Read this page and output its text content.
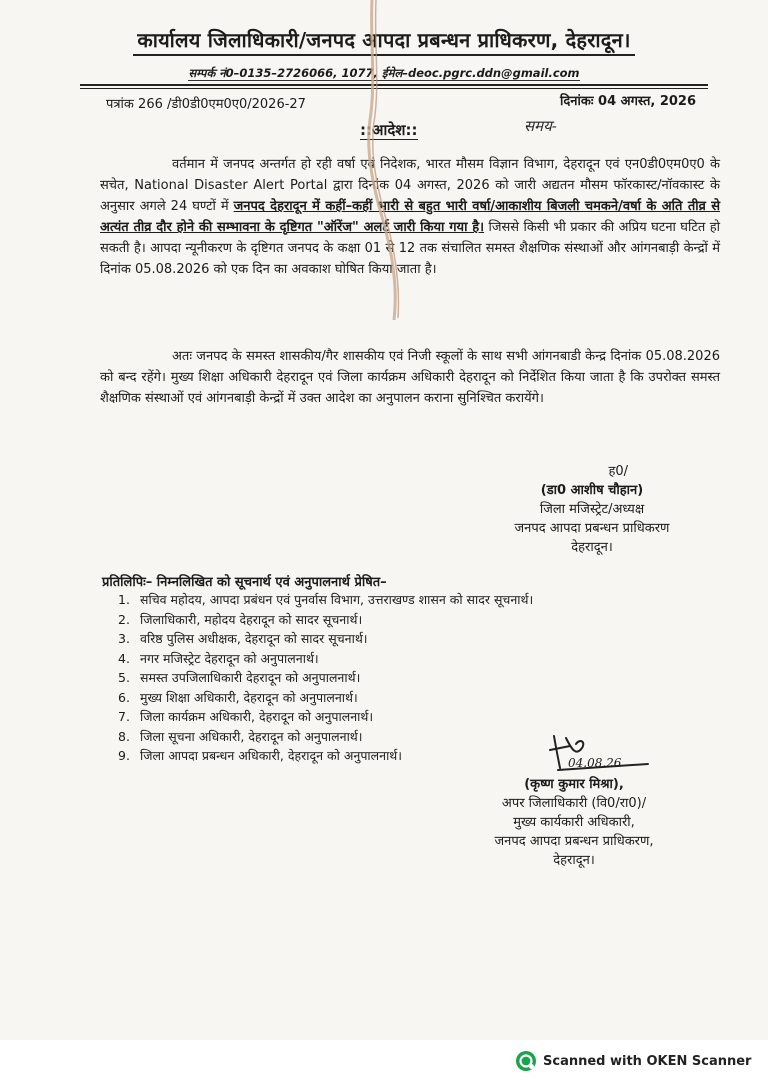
कार्यालय जिलाधिकारी/जनपद आपदा प्रबन्धन प्राधिकरण, देहरादून।
सम्पर्क नं0–0135–2726066, 1077, ईमेल–deoc.pgrc.ddn@gmail.com
पत्रांक 266 /डी0डी0एम0ए0/2026-27	दिनांकः 04 अगस्त, 2026
::आदेश::	समय-

वर्तमान में जनपद अन्तर्गत हो रही वर्षा एवं निदेशक, भारत मौसम विज्ञान विभाग, देहरादून एवं एन0डी0एम0ए0 के सचेत, National Disaster Alert Portal द्वारा दिनांक 04 अगस्त, 2026 को जारी अद्यतन मौसम फॉरकास्ट/नॉवकास्ट के अनुसार अगले 24 घण्टों में जनपद देहरादून में कहीं–कहीं भारी से बहुत भारी वर्षा/आकाशीय बिजली चमकने/वर्षा के अति तीव्र से अत्यंत तीव्र दौर होने की सम्भावना के दृष्टिगत "ऑरेंज" अलर्ट जारी किया गया है। जिससे किसी भी प्रकार की अप्रिय घटना घटित हो सकती है। आपदा न्यूनीकरण के दृष्टिगत जनपद के कक्षा 01 से 12 तक संचालित समस्त शैक्षणिक संस्थाओं और आंगनबाड़ी केन्द्रों में दिनांक 05.08.2026 को एक दिन का अवकाश घोषित किया जाता है।

अतः जनपद के समस्त शासकीय/गैर शासकीय एवं निजी स्कूलों के साथ सभी आंगनबाडी केन्द्र दिनांक 05.08.2026 को बन्द रहेंगे। मुख्य शिक्षा अधिकारी देहरादून एवं जिला कार्यक्रम अधिकारी देहरादून को निर्देशित किया जाता है कि उपरोक्त समस्त शैक्षणिक संस्थाओं एवं आंगनबाड़ी केन्द्रों में उक्त आदेश का अनुपालन कराना सुनिश्चित करायेंगे।

ह0/
(डा0 आशीष चौहान)
जिला मजिस्ट्रेट/अध्यक्ष
जनपद आपदा प्रबन्धन प्राधिकरण
देहरादून।
प्रतिलिपिः– निम्नलिखित को सूचनार्थ एवं अनुपालनार्थ प्रेषित–
1. सचिव महोदय, आपदा प्रबंधन एवं पुनर्वास विभाग, उत्तराखण्ड शासन को सादर सूचनार्थ।
2. जिलाधिकारी, महोदय देहरादून को सादर सूचनार्थ।
3. वरिष्ठ पुलिस अधीक्षक, देहरादून को सादर सूचनार्थ।
4. नगर मजिस्ट्रेट देहरादून को अनुपालनार्थ।
5. समस्त उपजिलाधिकारी देहरादून को अनुपालनार्थ।
6. मुख्य शिक्षा अधिकारी, देहरादून को अनुपालनार्थ।
7. जिला कार्यक्रम अधिकारी, देहरादून को अनुपालनार्थ।
8. जिला सूचना अधिकारी, देहरादून को अनुपालनार्थ।
9. जिला आपदा प्रबन्धन अधिकारी, देहरादून को अनुपालनार्थ।	04.08.26
(कृष्ण कुमार मिश्रा),
अपर जिलाधिकारी (वि0/रा0)/
मुख्य कार्यकारी अधिकारी,
जनपद आपदा प्रबन्धन प्राधिकरण,
देहरादून।
Scanned with OKEN Scanner
